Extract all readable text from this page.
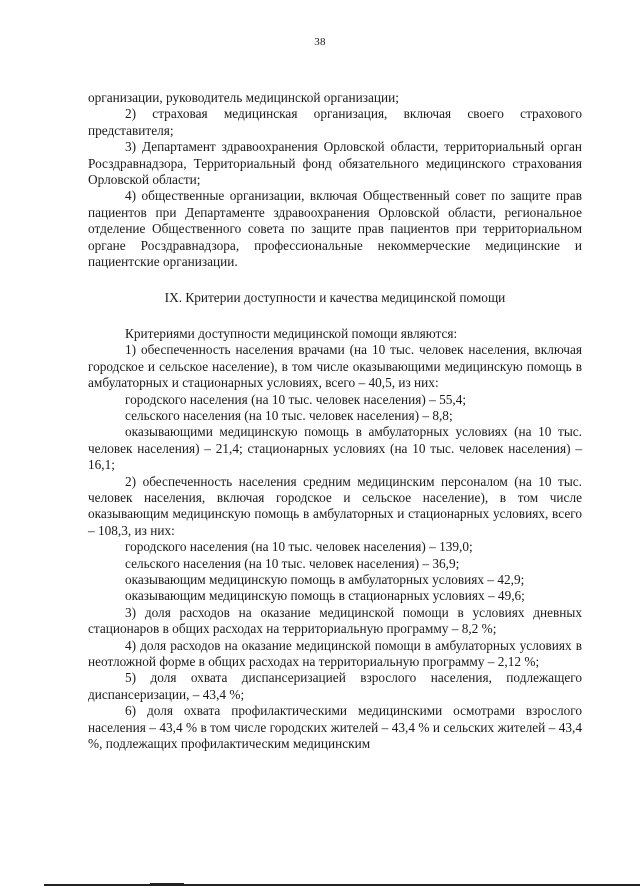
38

организации, руководитель медицинской организации;

2) страховая медицинская организация, включая своего страхового представителя;

3) Департамент здравоохранения Орловской области, территориальный орган Росздравнадзора, Территориальный фонд обязательного медицинского страхования Орловской области;

4) общественные организации, включая Общественный совет по защите прав пациентов при Департаменте здравоохранения Орловской области, региональное отделение Общественного совета по защите прав пациентов при территориальном органе Росздравнадзора, профессиональные некоммерческие медицинские и пациентские организации.

IX. Критерии доступности и качества медицинской помощи

Критериями доступности медицинской помощи являются:

1) обеспеченность населения врачами (на 10 тыс. человек населения, включая городское и сельское население), в том числе оказывающими медицинскую помощь в амбулаторных и стационарных условиях, всего – 40,5, из них:

городского населения (на 10 тыс. человек населения) – 55,4;

сельского населения (на 10 тыс. человек населения) – 8,8;

оказывающими медицинскую помощь в амбулаторных условиях (на 10 тыс. человек населения) – 21,4; стационарных условиях (на 10 тыс. человек населения) – 16,1;

2) обеспеченность населения средним медицинским персоналом (на 10 тыс. человек населения, включая городское и сельское население), в том числе оказывающим медицинскую помощь в амбулаторных и стационарных условиях, всего – 108,3, из них:

городского населения (на 10 тыс. человек населения) – 139,0;

сельского населения (на 10 тыс. человек населения) – 36,9;

оказывающим медицинскую помощь в амбулаторных условиях – 42,9;

оказывающим медицинскую помощь в стационарных условиях – 49,6;

3) доля расходов на оказание медицинской помощи в условиях дневных стационаров в общих расходах на территориальную программу – 8,2 %;

4) доля расходов на оказание медицинской помощи в амбулаторных условиях в неотложной форме в общих расходах на территориальную программу – 2,12 %;

5) доля охвата диспансеризацией взрослого населения, подлежащего диспансеризации, – 43,4 %;

6) доля охвата профилактическими медицинскими осмотрами взрослого населения – 43,4 % в том числе городских жителей – 43,4 % и сельских жителей – 43,4 %, подлежащих профилактическим медицинским
